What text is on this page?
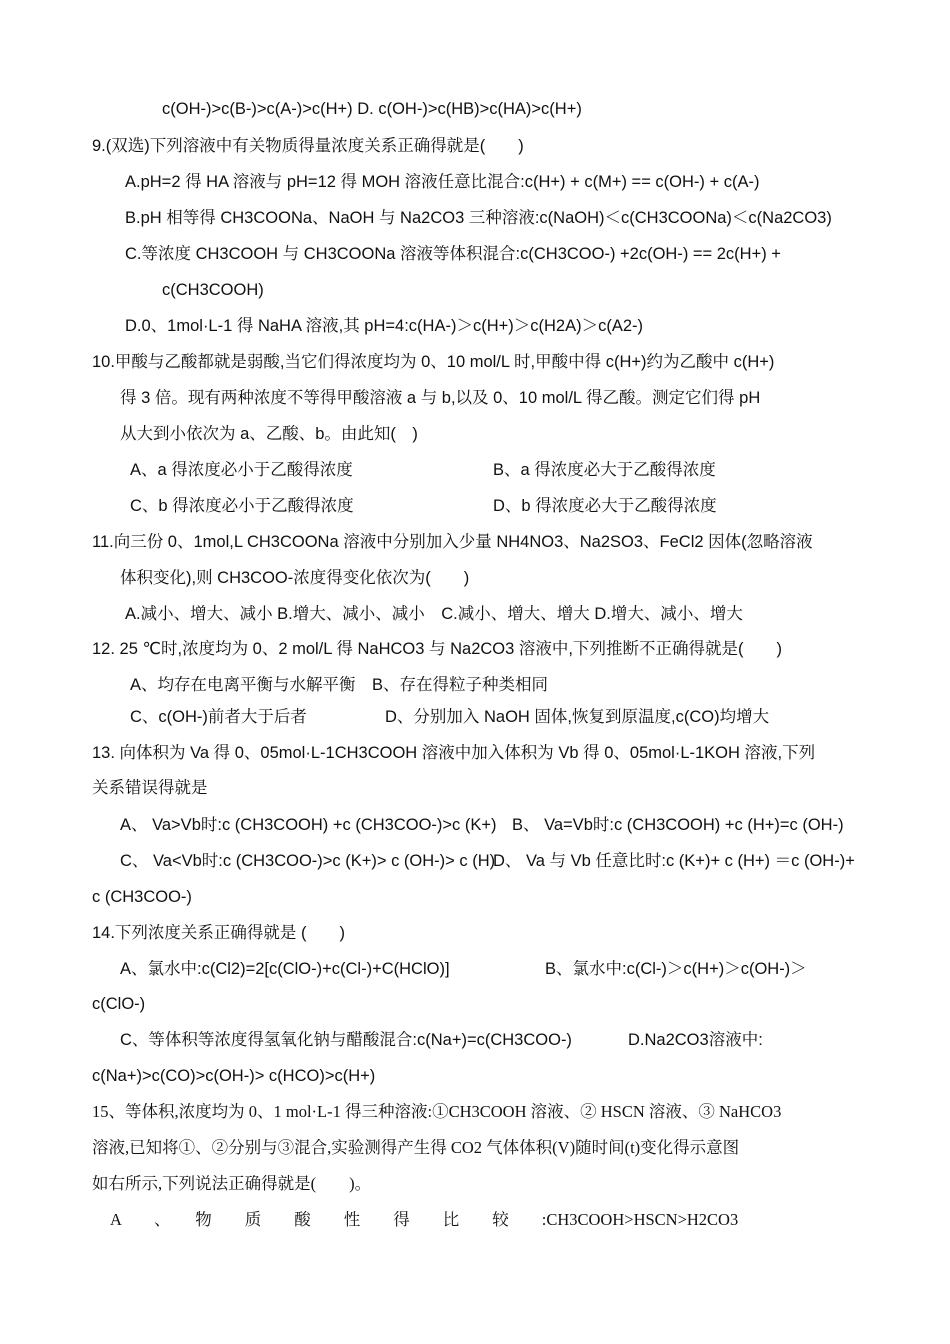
c(OH-)>c(B-)>c(A-)>c(H+) D. c(OH-)>c(HB)>c(HA)>c(H+)
9.(双选)下列溶液中有关物质得量浓度关系正确得就是(　　)
A.pH=2 得 HA 溶液与 pH=12 得 MOH 溶液任意比混合:c(H+) + c(M+) == c(OH-) + c(A-)
B.pH 相等得 CH3COONa、NaOH 与 Na2CO3 三种溶液:c(NaOH)＜c(CH3COONa)＜c(Na2CO3)
C.等浓度 CH3COOH 与 CH3COONa 溶液等体积混合:c(CH3COO-) +2c(OH-) == 2c(H+) +
c(CH3COOH)
D.0、1mol·L-1 得 NaHA 溶液,其 pH=4:c(HA-)＞c(H+)＞c(H2A)＞c(A2-)
10.甲酸与乙酸都就是弱酸,当它们得浓度均为 0、10 mol/L 时,甲酸中得 c(H+)约为乙酸中 c(H+)
得 3 倍。现有两种浓度不等得甲酸溶液 a 与 b,以及 0、10 mol/L 得乙酸。测定它们得 pH
从大到小依次为 a、乙酸、b。由此知(　)
A、a 得浓度必小于乙酸得浓度	B、a 得浓度必大于乙酸得浓度
C、b 得浓度必小于乙酸得浓度	D、b 得浓度必大于乙酸得浓度
11.向三份 0、1mol,L CH3COONa 溶液中分别加入少量 NH4NO3、Na2SO3、FeCl2 因体(忽略溶液
体积变化),则 CH3COO-浓度得变化依次为(　　)
A.减小、增大、减小 B.增大、减小、减小　C.减小、增大、增大 D.增大、减小、增大
12. 25 ℃时,浓度均为 0、2 mol/L 得 NaHCO3 与 Na2CO3 溶液中,下列推断不正确得就是(　　)
A、均存在电离平衡与水解平衡　B、存在得粒子种类相同
C、c(OH-)前者大于后者	D、分别加入 NaOH 固体,恢复到原温度,c(CO)均增大
13. 向体积为 Va 得 0、05mol·L-1CH3COOH 溶液中加入体积为 Vb 得 0、05mol·L-1KOH 溶液,下列
关系错误得就是
A、 Va>Vb时:c (CH3COOH) +c (CH3COO-)>c (K+) B、 Va=Vb时:c (CH3COOH) +c (H+)=c (OH-)
C、 Va<Vb时:c (CH3COO-)>c (K+)> c (OH-)> c (H)
D、 Va 与 Vb 任意比时:c (K+)+ c (H+) ＝c (OH-)+
c (CH3COO-)
14.下列浓度关系正确得就是 (　　)
A、氯水中:c(Cl2)=2[c(ClO-)+c(Cl-)+C(HClO)]	B、氯水中:c(Cl-)＞c(H+)＞c(OH-)＞
c(ClO-)
C、等体积等浓度得氢氧化钠与醋酸混合:c(Na+)=c(CH3COO-)	D.Na2CO3溶液中:
c(Na+)>c(CO)>c(OH-)> c(HCO)>c(H+)
15、等体积,浓度均为 0、1 mol·L-1 得三种溶液:①CH3COOH 溶液、② HSCN 溶液、③ NaHCO3
溶液,已知将①、②分别与③混合,实验测得产生得 CO2 气体体积(V)随时间(t)变化得示意图
如右所示,下列说法正确得就是(　　)。
A　　、　　物　　质　　酸　　性　　得　　比　　较　　:CH3COOH>HSCN>H2CO3
